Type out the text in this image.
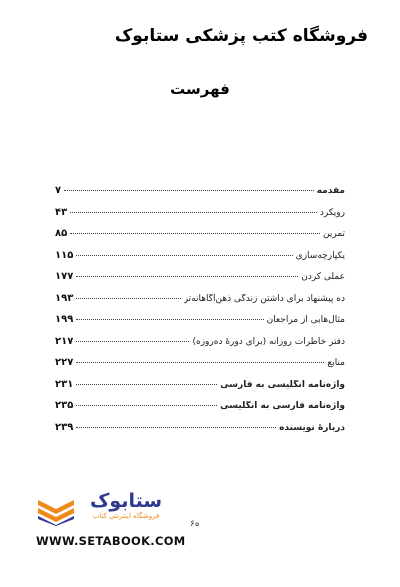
فروشگاه کتب پزشکی ستابوک
فهرست
مقدمه
۷
رویکرد
۴۳
تمرین
۸۵
یکپارچه‌سازی
۱۱۵
عملی کردن
۱۷۷
ده پیشنهاد برای داشتن زندگی ذهن‌آگاهانه‌تر
۱۹۳
مثال‌هایی از مراجعان
۱۹۹
دفتر خاطرات روزانه (برای دورهٔ ده‌روزه)
۲۱۷
منابع
۲۲۷
واژه‌نامه انگلیسی به فارسی
۲۳۱
واژه‌نامه فارسی به انگلیسی
۲۳۵
دربارهٔ نویسنده
۲۳۹
ستابوک
فروشگاه اینترنتی کتاب
WWW.SETABOOK.COM
ه۶
